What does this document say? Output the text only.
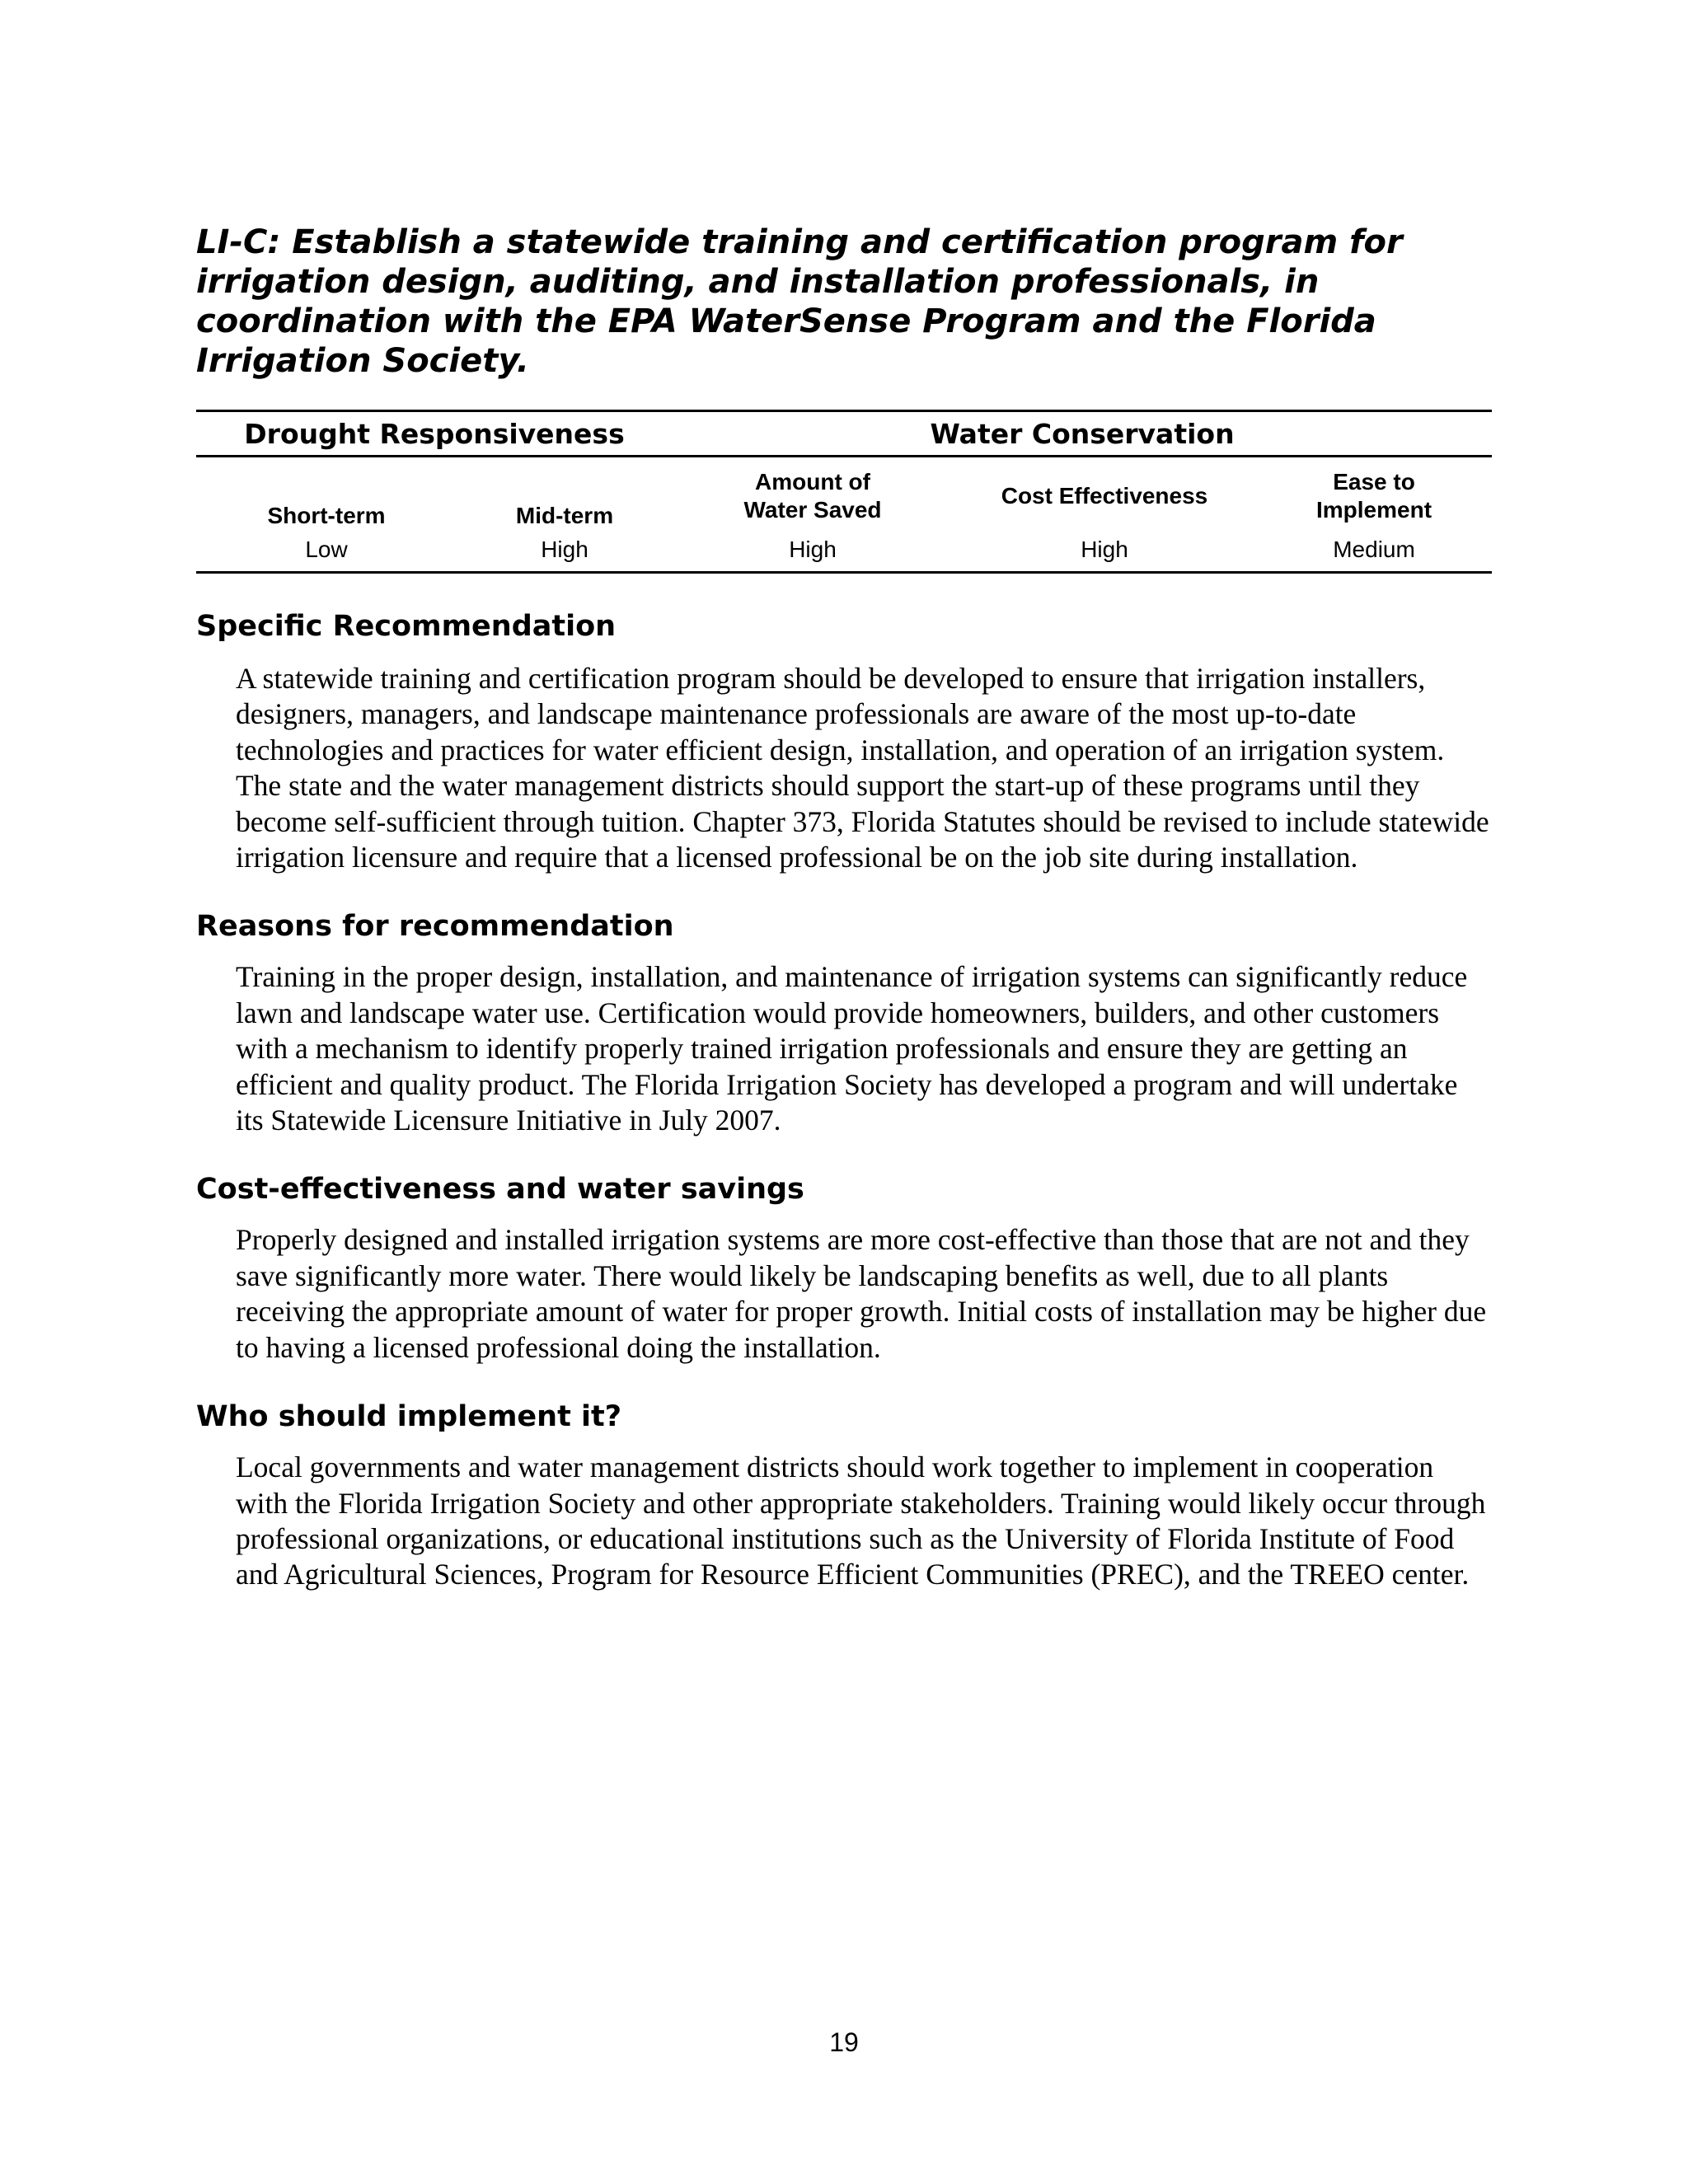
LI-C: Establish a statewide training and certification program for irrigation design, auditing, and installation professionals, in coordination with the EPA WaterSense Program and the Florida Irrigation Society.
Drought Responsiveness		Water Conservation		
Short-term	Mid-term	Amount of Water Saved	Cost Effectiveness	Ease to Implement
Low	High	High	High	Medium
Specific Recommendation

A statewide training and certification program should be developed to ensure that irrigation installers, designers, managers, and landscape maintenance professionals are aware of the most up-to-date technologies and practices for water efficient design, installation, and operation of an irrigation system. The state and the water management districts should support the start-up of these programs until they become self-sufficient through tuition. Chapter 373, Florida Statutes should be revised to include statewide irrigation licensure and require that a licensed professional be on the job site during installation.

Reasons for recommendation

Training in the proper design, installation, and maintenance of irrigation systems can significantly reduce lawn and landscape water use. Certification would provide homeowners, builders, and other customers with a mechanism to identify properly trained irrigation professionals and ensure they are getting an efficient and quality product. The Florida Irrigation Society has developed a program and will undertake its Statewide Licensure Initiative in July 2007.

Cost-effectiveness and water savings

Properly designed and installed irrigation systems are more cost-effective than those that are not and they save significantly more water. There would likely be landscaping benefits as well, due to all plants receiving the appropriate amount of water for proper growth. Initial costs of installation may be higher due to having a licensed professional doing the installation.

Who should implement it?

Local governments and water management districts should work together to implement in cooperation with the Florida Irrigation Society and other appropriate stakeholders. Training would likely occur through professional organizations, or educational institutions such as the University of Florida Institute of Food and Agricultural Sciences, Program for Resource Efficient Communities (PREC), and the TREEO center.

19
